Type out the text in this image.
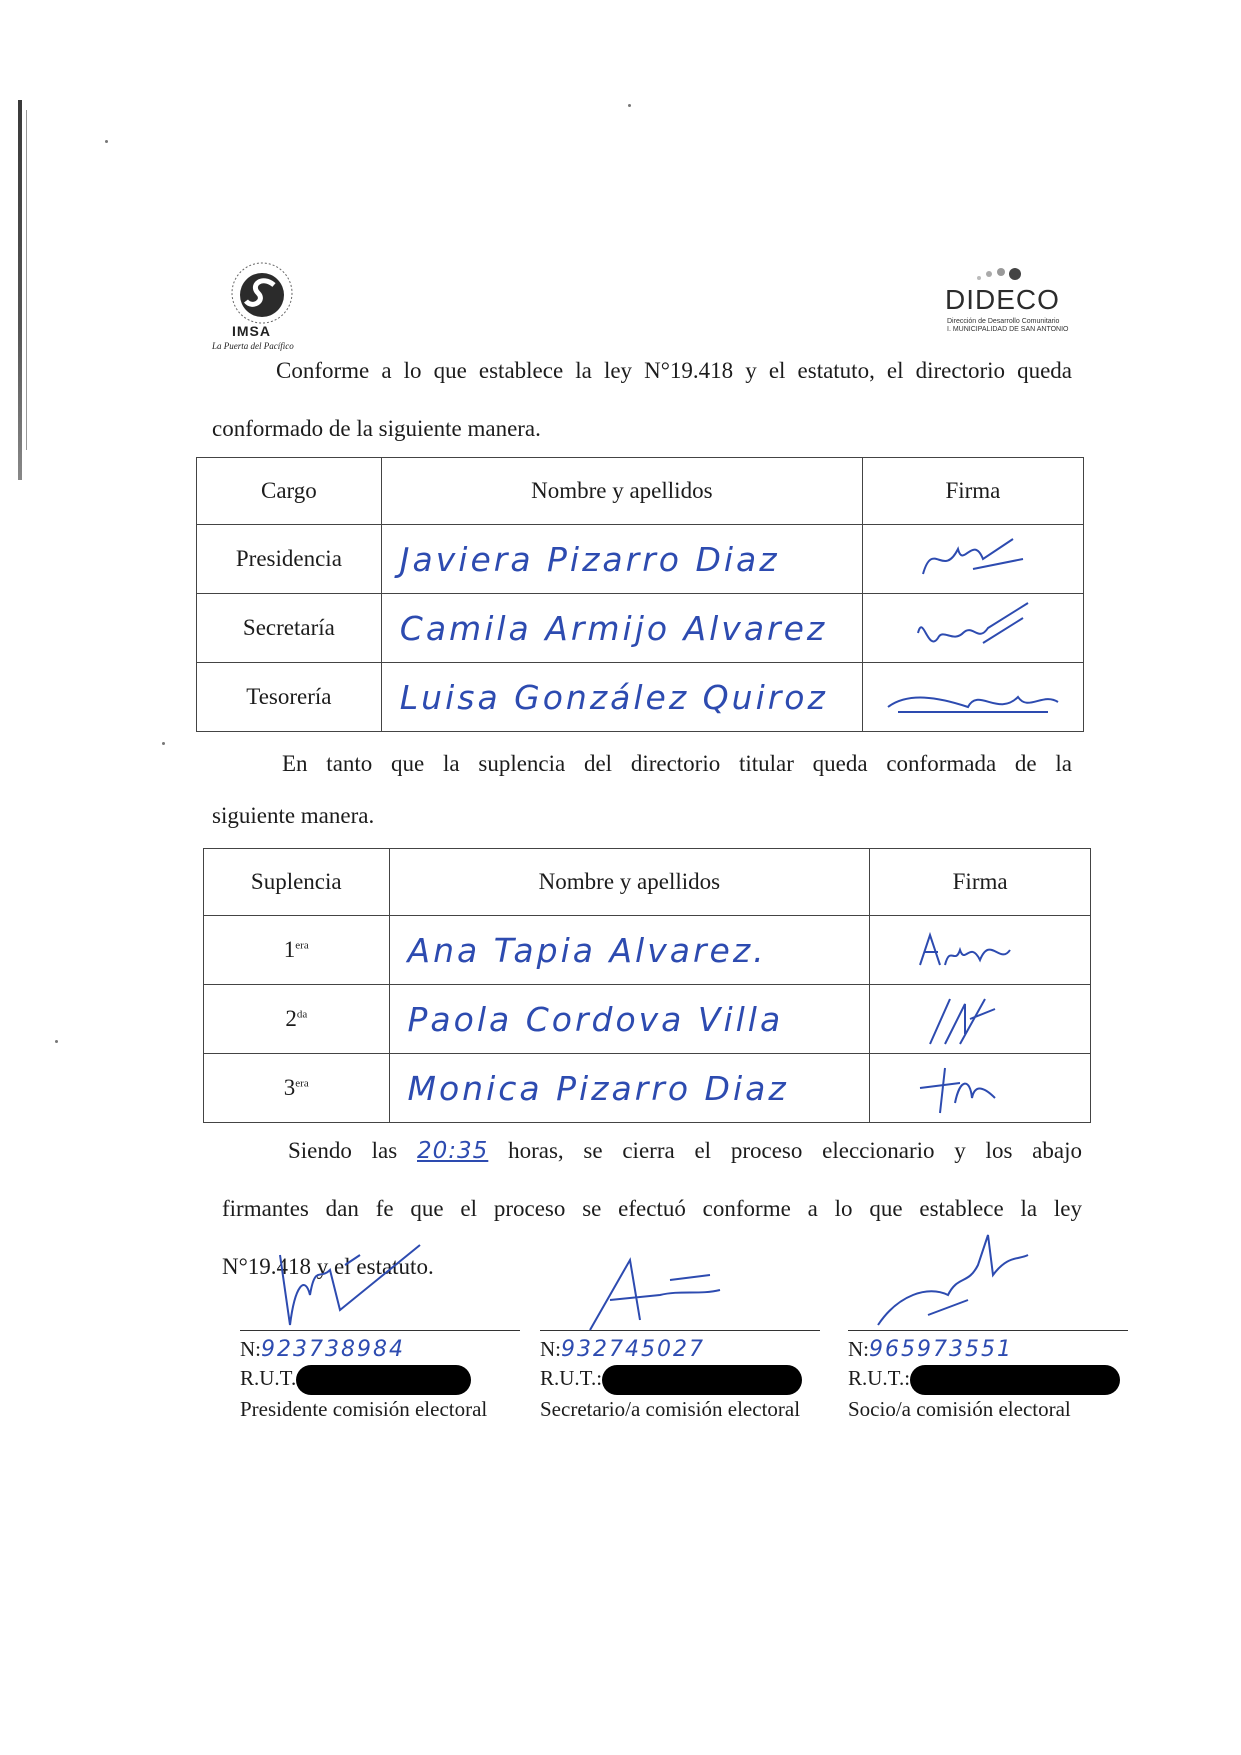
IMSA
La Puerta del Pacífico
DIDECO
Dirección de Desarrollo Comunitario
I. MUNICIPALIDAD DE SAN ANTONIO
Conforme a lo que establece la ley N°19.418 y el estatuto, el directorio queda
conformado de la siguiente manera.
Cargo	Nombre y apellidos	Firma
Presidencia	Javiera Pizarro Diaz	

Secretaría	Camila Armijo Alvarez	

Tesorería	Luisa González Quiroz	
En tanto que la suplencia del directorio titular queda conformada de la
siguiente manera.
Suplencia	Nombre y apellidos	Firma
$1^{era}$	Ana Tapia Alvarez.	

$2^{da}$	Paola Cordova Villa	

$3^{era}$	Monica Pizarro Diaz	
Siendo las 20:35 horas, se cierra el proceso eleccionario y los abajo
firmantes dan fe que el proceso se efectuó conforme a lo que establece la ley
N°19.418 y el estatuto.
N:923738984
R.U.T.
Presidente comisión electoral
N:932745027
R.U.T.:
Secretario/a comisión electoral
N:965973551
R.U.T.:
Socio/a comisión electoral
